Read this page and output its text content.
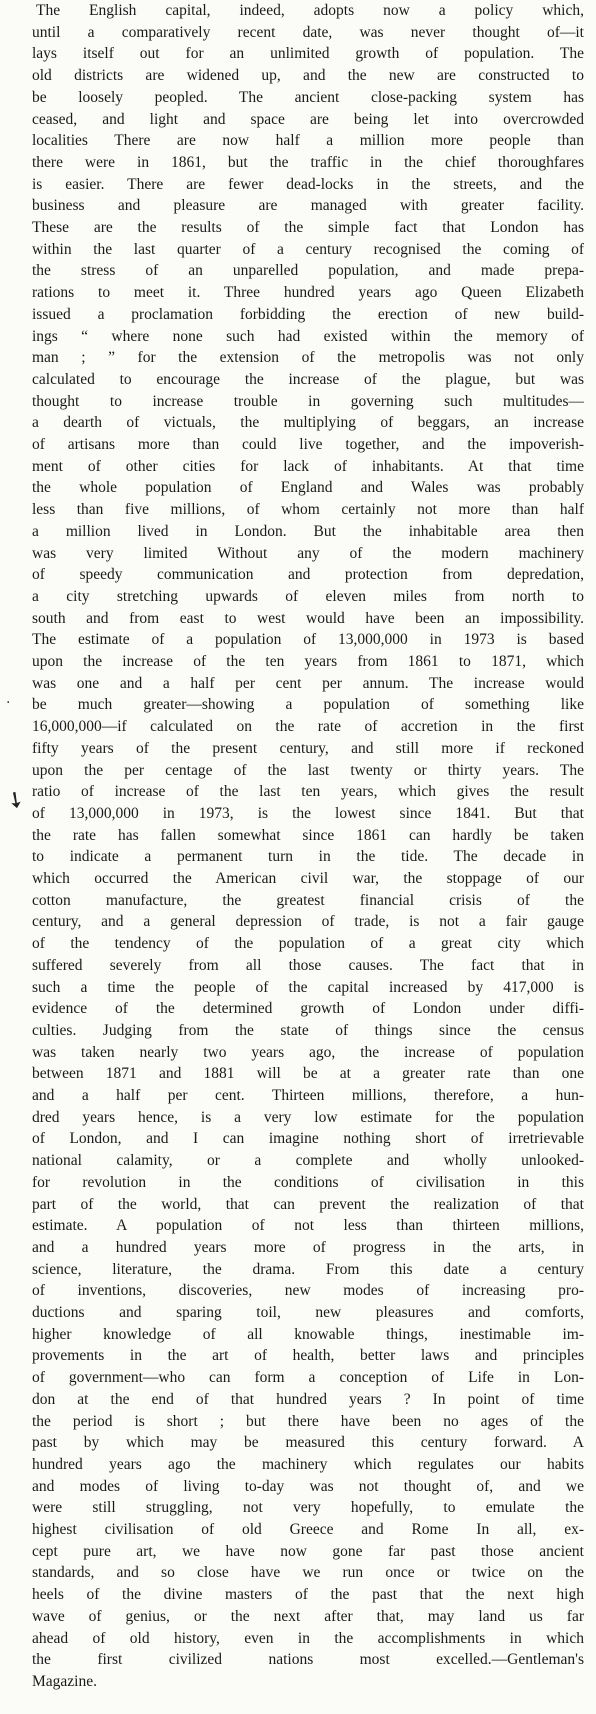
·
➘
The English capital, indeed, adopts now a policy which,
until a comparatively recent date, was never thought of—it
lays itself out for an unlimited growth of population. The
old districts are widened up, and the new are constructed to
be loosely peopled. The ancient close-packing system has
ceased, and light and space are being let into overcrowded
localities There are now half a million more people than
there were in 1861, but the traffic in the chief thoroughfares
is easier. There are fewer dead-locks in the streets, and the
business and pleasure are managed with greater facility.
These are the results of the simple fact that London has
within the last quarter of a century recognised the coming of
the stress of an unparelled population, and made prepa-
rations to meet it. Three hundred years ago Queen Elizabeth
issued a proclamation forbidding the erection of new build-
ings “ where none such had existed within the memory of
man ; ” for the extension of the metropolis was not only
calculated to encourage the increase of the plague, but was
thought to increase trouble in governing such multitudes—
a dearth of victuals, the multiplying of beggars, an increase
of artisans more than could live together, and the impoverish-
ment of other cities for lack of inhabitants. At that time
the whole population of England and Wales was probably
less than five millions, of whom certainly not more than half
a million lived in London. But the inhabitable area then
was very limited Without any of the modern machinery
of speedy communication and protection from depredation,
a city stretching upwards of eleven miles from north to
south and from east to west would have been an impossibility.
The estimate of a population of 13,000,000 in 1973 is based
upon the increase of the ten years from 1861 to 1871, which
was one and a half per cent per annum. The increase would
be much greater—showing a population of something like
16,000,000—if calculated on the rate of accretion in the first
fifty years of the present century, and still more if reckoned
upon the per centage of the last twenty or thirty years. The
ratio of increase of the last ten years, which gives the result
of 13,000,000 in 1973, is the lowest since 1841. But that
the rate has fallen somewhat since 1861 can hardly be taken
to indicate a permanent turn in the tide. The decade in
which occurred the American civil war, the stoppage of our
cotton manufacture, the greatest financial crisis of the
century, and a general depression of trade, is not a fair gauge
of the tendency of the population of a great city which
suffered severely from all those causes. The fact that in
such a time the people of the capital increased by 417,000 is
evidence of the determined growth of London under diffi-
culties. Judging from the state of things since the census
was taken nearly two years ago, the increase of population
between 1871 and 1881 will be at a greater rate than one
and a half per cent. Thirteen millions, therefore, a hun-
dred years hence, is a very low estimate for the population
of London, and I can imagine nothing short of irretrievable
national calamity, or a complete and wholly unlooked-
for revolution in the conditions of civilisation in this
part of the world, that can prevent the realization of that
estimate. A population of not less than thirteen millions,
and a hundred years more of progress in the arts, in
science, literature, the drama. From this date a century
of inventions, discoveries, new modes of increasing pro-
ductions and sparing toil, new pleasures and comforts,
higher knowledge of all knowable things, inestimable im-
provements in the art of health, better laws and principles
of government—who can form a conception of Life in Lon-
don at the end of that hundred years ? In point of time
the period is short ; but there have been no ages of the
past by which may be measured this century forward. A
hundred years ago the machinery which regulates our habits
and modes of living to-day was not thought of, and we
were still struggling, not very hopefully, to emulate the
highest civilisation of old Greece and Rome In all, ex-
cept pure art, we have now gone far past those ancient
standards, and so close have we run once or twice on the
heels of the divine masters of the past that the next high
wave of genius, or the next after that, may land us far
ahead of old history, even in the accomplishments in which
the first civilized nations most excelled.—Gentleman's
Magazine.
